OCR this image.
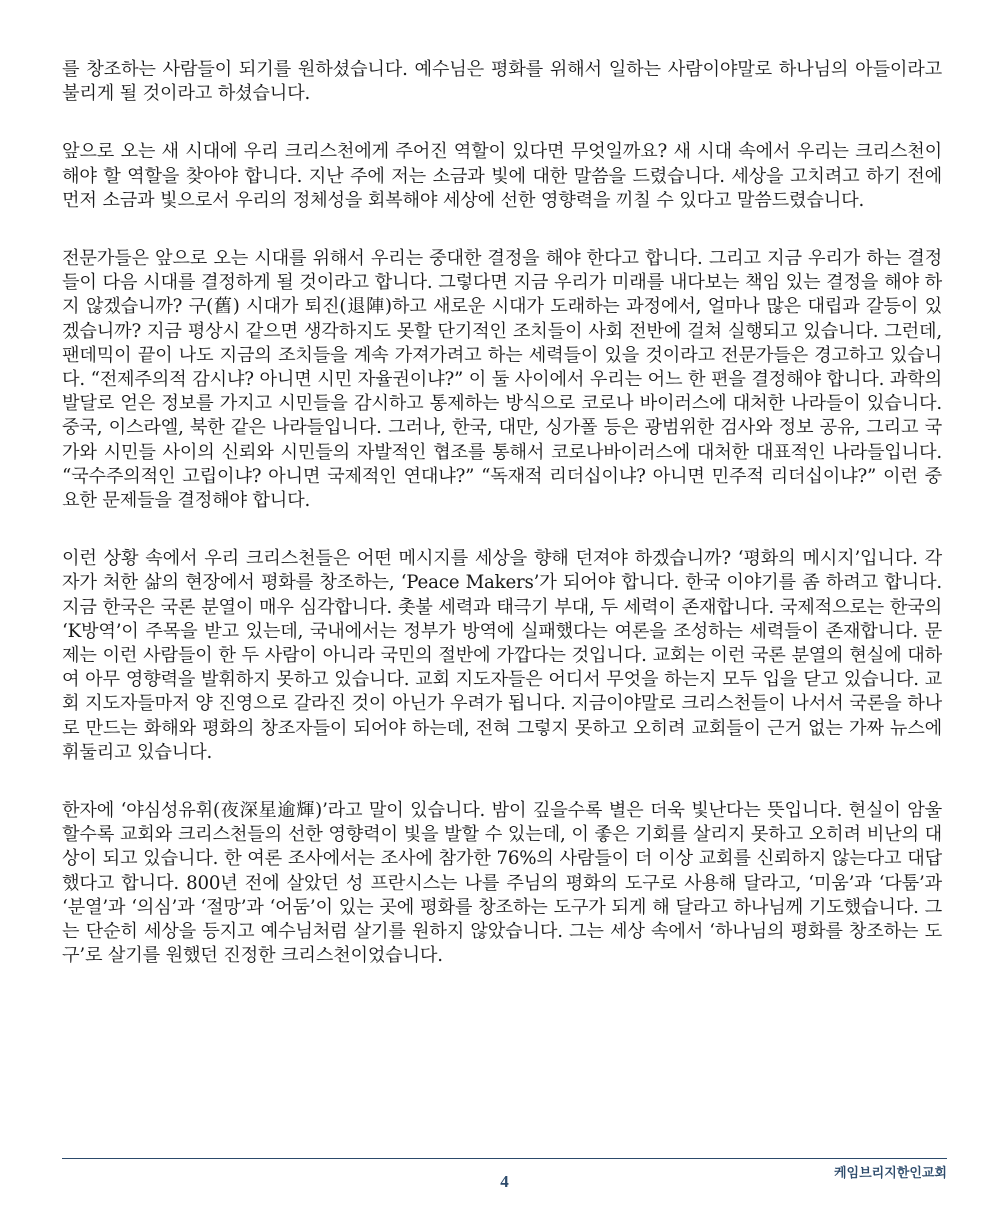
를 창조하는 사람들이 되기를 원하셨습니다. 예수님은 평화를 위해서 일하는 사람이야말로 하나님의 아들이라고 불리게 될 것이라고 하셨습니다.

앞으로 오는 새 시대에 우리 크리스천에게 주어진 역할이 있다면 무엇일까요? 새 시대 속에서 우리는 크리스천이 해야 할 역할을 찾아야 합니다. 지난 주에 저는 소금과 빛에 대한 말씀을 드렸습니다. 세상을 고치려고 하기 전에 먼저 소금과 빛으로서 우리의 정체성을 회복해야 세상에 선한 영향력을 끼칠 수 있다고 말씀드렸습니다.

전문가들은 앞으로 오는 시대를 위해서 우리는 중대한 결정을 해야 한다고 합니다. 그리고 지금 우리가 하는 결정들이 다음 시대를 결정하게 될 것이라고 합니다. 그렇다면 지금 우리가 미래를 내다보는 책임 있는 결정을 해야 하지 않겠습니까? 구(舊) 시대가 퇴진(退陣)하고 새로운 시대가 도래하는 과정에서, 얼마나 많은 대립과 갈등이 있겠습니까? 지금 평상시 같으면 생각하지도 못할 단기적인 조치들이 사회 전반에 걸쳐 실행되고 있습니다. 그런데, 팬데믹이 끝이 나도 지금의 조치들을 계속 가져가려고 하는 세력들이 있을 것이라고 전문가들은 경고하고 있습니다. “전제주의적 감시냐? 아니면 시민 자율권이냐?” 이 둘 사이에서 우리는 어느 한 편을 결정해야 합니다. 과학의 발달로 얻은 정보를 가지고 시민들을 감시하고 통제하는 방식으로 코로나 바이러스에 대처한 나라들이 있습니다. 중국, 이스라엘, 북한 같은 나라들입니다. 그러나, 한국, 대만, 싱가폴 등은 광범위한 검사와 정보 공유, 그리고 국가와 시민들 사이의 신뢰와 시민들의 자발적인 협조를 통해서 코로나바이러스에 대처한 대표적인 나라들입니다. “국수주의적인 고립이냐? 아니면 국제적인 연대냐?” “독재적 리더십이냐? 아니면 민주적 리더십이냐?” 이런 중요한 문제들을 결정해야 합니다.

이런 상황 속에서 우리 크리스천들은 어떤 메시지를 세상을 향해 던져야 하겠습니까? ‘평화의 메시지’입니다. 각자가 처한 삶의 현장에서 평화를 창조하는, ‘Peace Makers’가 되어야 합니다. 한국 이야기를 좀 하려고 합니다. 지금 한국은 국론 분열이 매우 심각합니다. 촛불 세력과 태극기 부대, 두 세력이 존재합니다. 국제적으로는 한국의 ‘K방역’이 주목을 받고 있는데, 국내에서는 정부가 방역에 실패했다는 여론을 조성하는 세력들이 존재합니다. 문제는 이런 사람들이 한 두 사람이 아니라 국민의 절반에 가깝다는 것입니다. 교회는 이런 국론 분열의 현실에 대하여 아무 영향력을 발휘하지 못하고 있습니다. 교회 지도자들은 어디서 무엇을 하는지 모두 입을 닫고 있습니다. 교회 지도자들마저 양 진영으로 갈라진 것이 아닌가 우려가 됩니다. 지금이야말로 크리스천들이 나서서 국론을 하나로 만드는 화해와 평화의 창조자들이 되어야 하는데, 전혀 그렇지 못하고 오히려 교회들이 근거 없는 가짜 뉴스에 휘둘리고 있습니다.

한자에 ‘야심성유휘(夜深星逾輝)’라고 말이 있습니다. 밤이 깊을수록 별은 더욱 빛난다는 뜻입니다. 현실이 암울할수록 교회와 크리스천들의 선한 영향력이 빛을 발할 수 있는데, 이 좋은 기회를 살리지 못하고 오히려 비난의 대상이 되고 있습니다. 한 여론 조사에서는 조사에 참가한 76%의 사람들이 더 이상 교회를 신뢰하지 않는다고 대답했다고 합니다. 800년 전에 살았던 성 프란시스는 나를 주님의 평화의 도구로 사용해 달라고, ‘미움’과 ‘다툼’과 ‘분열’과 ‘의심’과 ‘절망’과 ‘어둠’이 있는 곳에 평화를 창조하는 도구가 되게 해 달라고 하나님께 기도했습니다. 그는 단순히 세상을 등지고 예수님처럼 살기를 원하지 않았습니다. 그는 세상 속에서 ‘하나님의 평화를 창조하는 도구’로 살기를 원했던 진정한 크리스천이었습니다.

케임브리지한인교회
4
